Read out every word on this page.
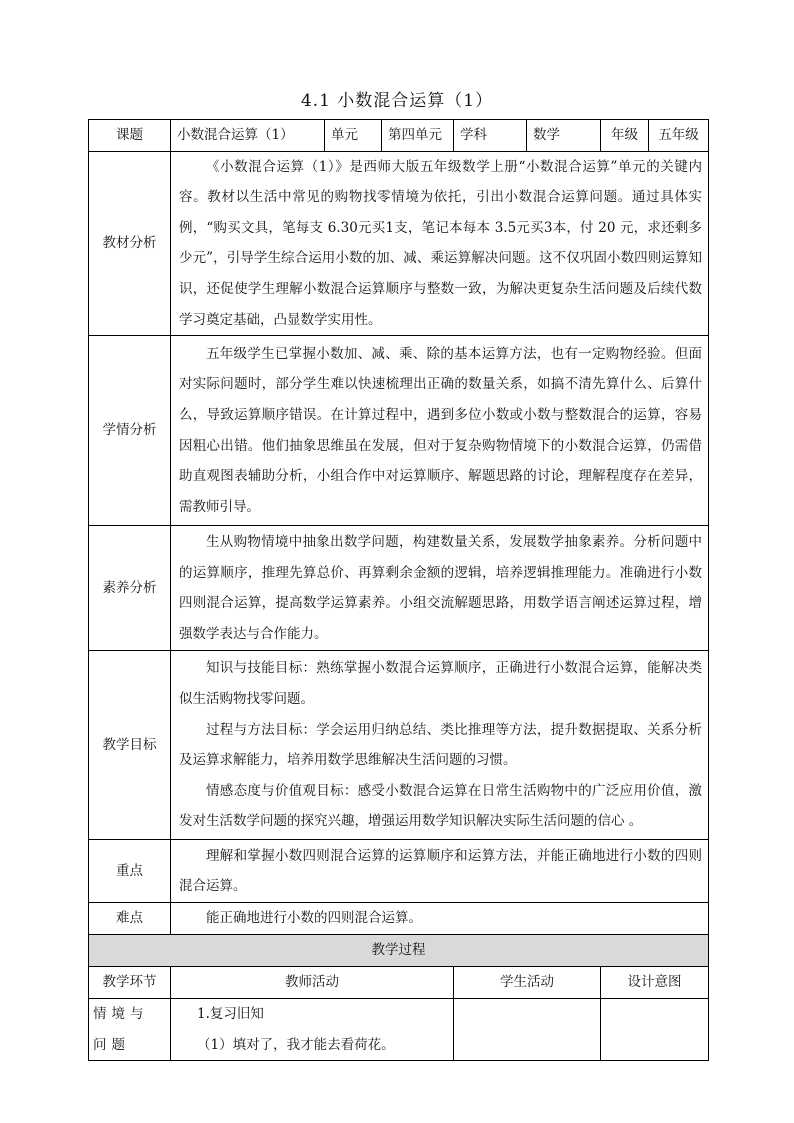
4.1 小数混合运算（1）
课题	小数混合运算（1）	单元	第四单元	学科	数学	年级	五年级
教材分析	《小数混合运算（1）》是西师大版五年级数学上册“小数混合运算”单元的关键内容。教材以生活中常见的购物找零情境为依托，引出小数混合运算问题。通过具体实例，“购买文具，笔每支 6.30元买1支，笔记本每本 3.5元买3本，付 20 元，求还剩多少元”，引导学生综合运用小数的加、减、乘运算解决问题。这不仅巩固小数四则运算知识，还促使学生理解小数混合运算顺序与整数一致，为解决更复杂生活问题及后续代数学习奠定基础，凸显数学实用性。						

学情分析	五年级学生已掌握小数加、减、乘、除的基本运算方法，也有一定购物经验。但面对实际问题时，部分学生难以快速梳理出正确的数量关系，如搞不清先算什么、后算什么，导致运算顺序错误。在计算过程中，遇到多位小数或小数与整数混合的运算，容易因粗心出错。他们抽象思维虽在发展，但对于复杂购物情境下的小数混合运算，仍需借助直观图表辅助分析，小组合作中对运算顺序、解题思路的讨论，理解程度存在差异，需教师引导。						

素养分析	生从购物情境中抽象出数学问题，构建数量关系，发展数学抽象素养。分析问题中的运算顺序，推理先算总价、再算剩余金额的逻辑，培养逻辑推理能力。准确进行小数四则混合运算，提高数学运算素养。小组交流解题思路，用数学语言阐述运算过程，增强数学表达与合作能力。						

教学目标	知识与技能目标：熟练掌握小数混合运算顺序，正确进行小数混合运算，能解决类似生活购物找零问题。

过程与方法目标：学会运用归纳总结、类比推理等方法，提升数据提取、关系分析及运算求解能力，培养用数学思维解决生活问题的习惯。

情感态度与价值观目标：感受小数混合运算在日常生活购物中的广泛应用价值，激发对生活数学问题的探究兴趣，增强运用数学知识解决实际生活问题的信心 。						

重点	理解和掌握小数四则混合运算的运算顺序和运算方法，并能正确地进行小数的四则混合运算。						

难点	能正确地进行小数的四则混合运算。						

教学过程							
教学环节	教师活动			学生活动		设计意图	
情境与问题	1.复习旧知
（1）填对了，我才能去看荷花。						
